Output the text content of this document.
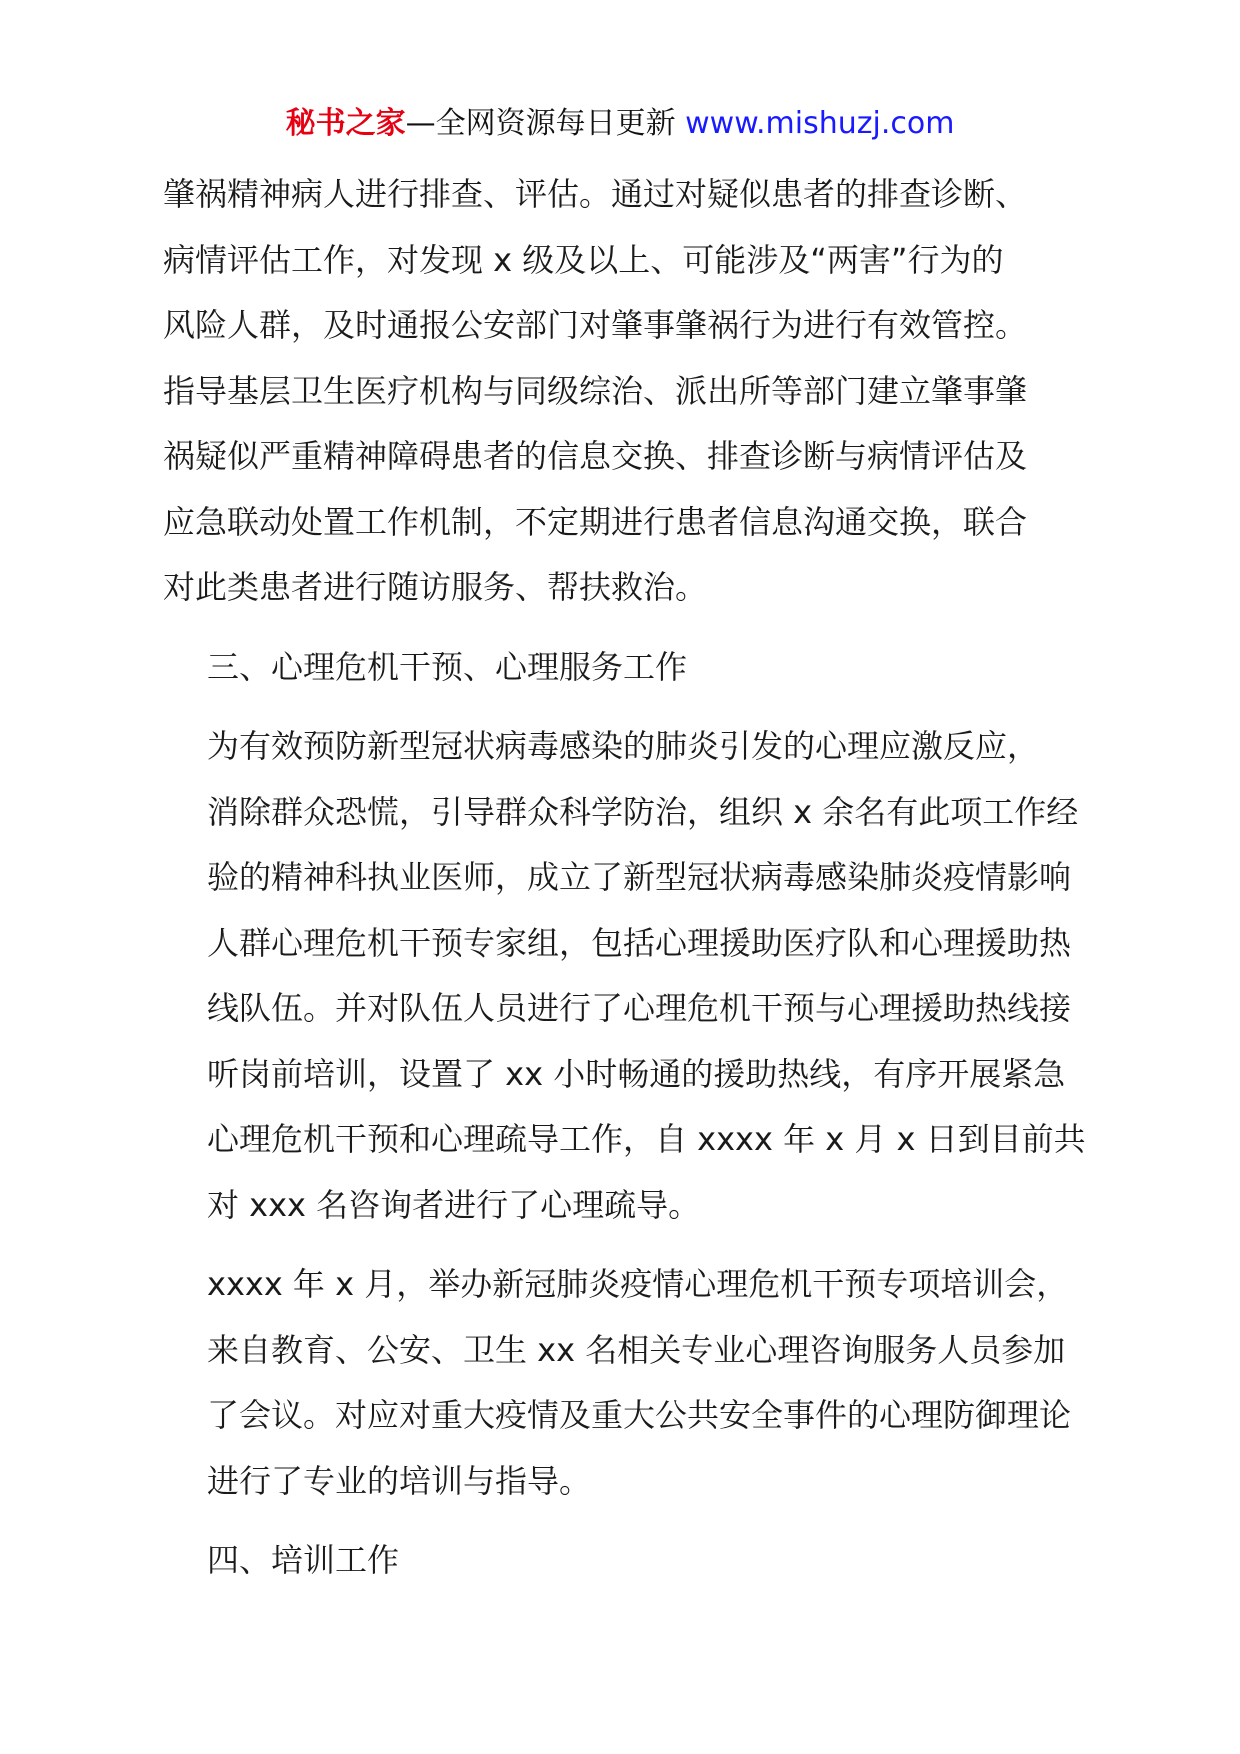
秘书之家—全网资源每日更新 www.mishuzj.com

肇祸精神病人进行排查、评估。通过对疑似患者的排查诊断、
病情评估工作，对发现 x 级及以上、可能涉及“两害”行为的
风险人群，及时通报公安部门对肇事肇祸行为进行有效管控。
指导基层卫生医疗机构与同级综治、派出所等部门建立肇事肇
祸疑似严重精神障碍患者的信息交换、排查诊断与病情评估及
应急联动处置工作机制，不定期进行患者信息沟通交换，联合
对此类患者进行随访服务、帮扶救治。

三、心理危机干预、心理服务工作

为有效预防新型冠状病毒感染的肺炎引发的心理应激反应，
消除群众恐慌，引导群众科学防治，组织 x 余名有此项工作经
验的精神科执业医师，成立了新型冠状病毒感染肺炎疫情影响
人群心理危机干预专家组，包括心理援助医疗队和心理援助热
线队伍。并对队伍人员进行了心理危机干预与心理援助热线接
听岗前培训，设置了 xx 小时畅通的援助热线，有序开展紧急
心理危机干预和心理疏导工作，自 xxxx 年 x 月 x 日到目前共
对 xxx 名咨询者进行了心理疏导。

xxxx 年 x 月，举办新冠肺炎疫情心理危机干预专项培训会，
来自教育、公安、卫生 xx 名相关专业心理咨询服务人员参加
了会议。对应对重大疫情及重大公共安全事件的心理防御理论
进行了专业的培训与指导。

四、培训工作
